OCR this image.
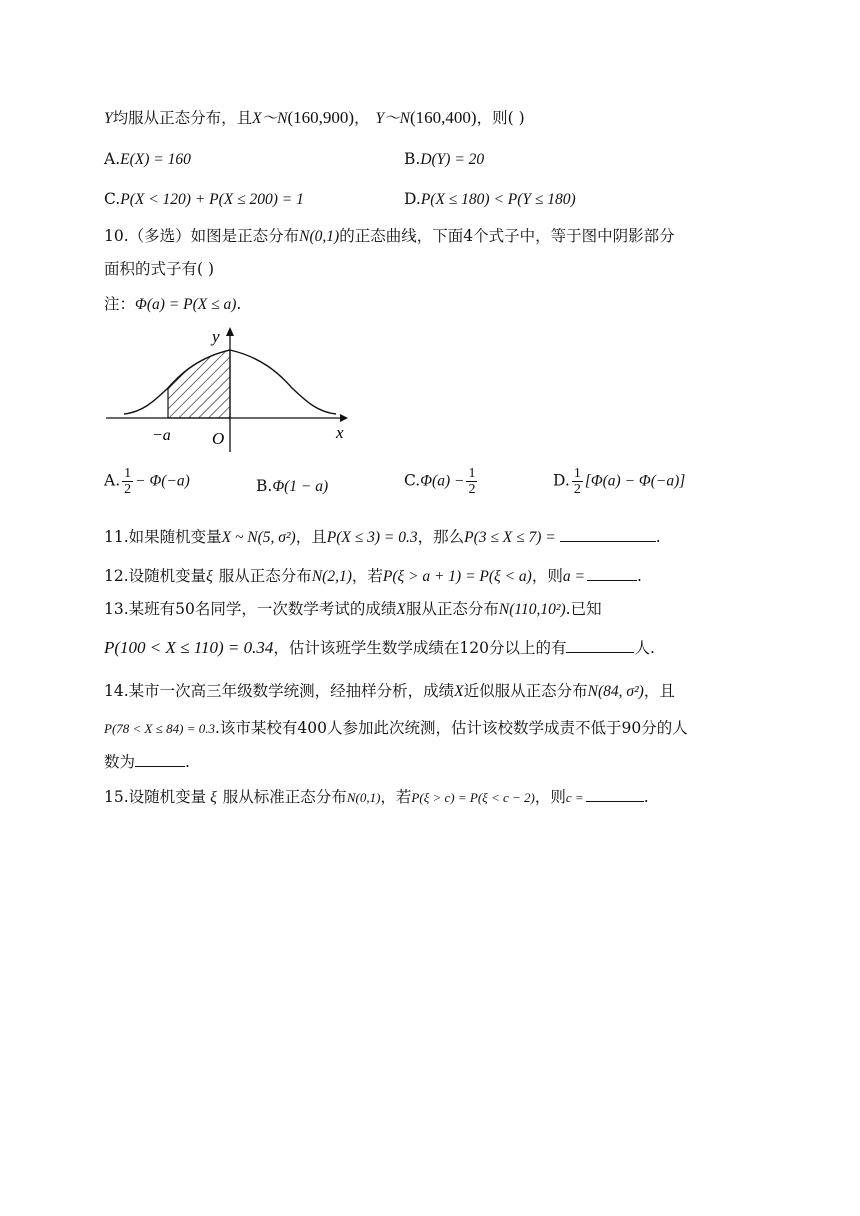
Y均服从正态分布，且X～N(160,900)， Y～N(160,400)，则( )
A.E(X) = 160	B.D(Y) = 20
C.P(X < 120) + P(X ≤ 200) = 1	D.P(X ≤ 180) < P(Y ≤ 180)
10.（多选）如图是正态分布N(0,1)的正态曲线，下面4个式子中，等于图中阴影部分
面积的式子有( )
注：Φ(a) = P(X ≤ a).
y
x
−a O
A. $\frac{1}{2} - \Phi(-a)$	B.Φ(1 − a)	$C.\Phi(a) - \frac{1}{2}$	D. $\frac{1}{2} [\Phi(a) - \Phi(-a)]$
11.如果随机变量X ~ N(5, σ²)，且P(X ≤ 3) = 0.3，那么P(3 ≤ X ≤ 7) =	.
12.设随机变量ξ 服从正态分布N(2,1)，若P(ξ > a + 1) = P(ξ < a)，则a =	.
13.某班有50名同学，一次数学考试的成绩X服从正态分布N(110,10²).已知
P(100 < X ≤ 110) = 0.34，估计该班学生数学成绩在120分以上的有	人.
14.某市一次高三年级数学统测，经抽样分析，成绩X近似服从正态分布N(84, σ²)，且
P(78 < X ≤ 84) = 0.3.该市某校有400人参加此次统测，估计该校数学成责不低于90分的人
数为	.
15.设随机变量 ξ 服从标准正态分布N(0,1)，若P(ξ > c) = P(ξ < c − 2)，则c =	.
